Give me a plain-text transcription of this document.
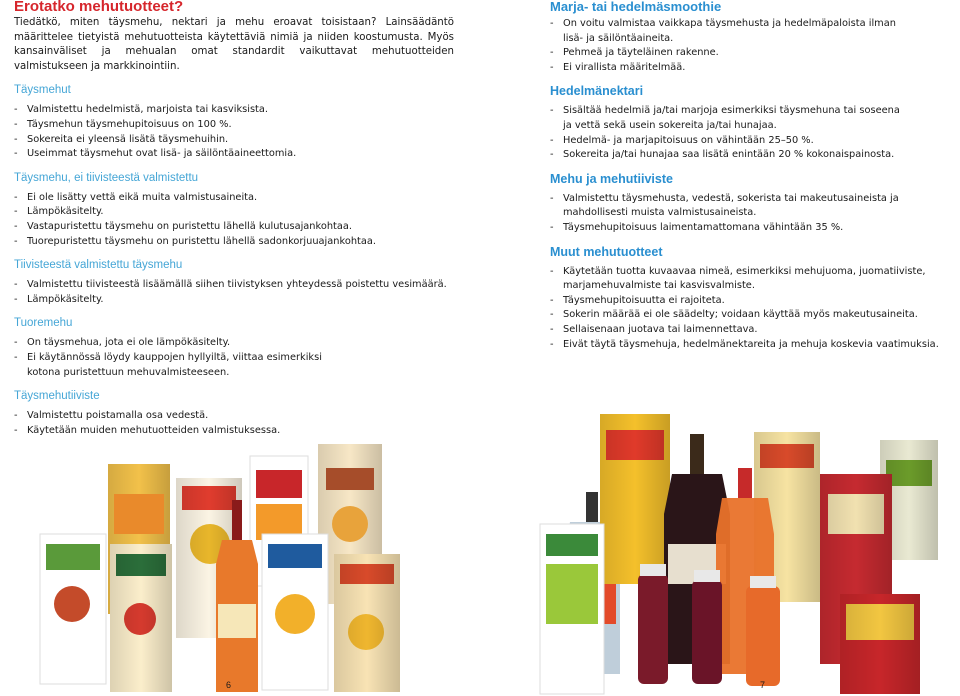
Erotatko mehutuotteet?

Tiedätkö, miten täysmehu, nektari ja mehu eroavat toisistaan? Lainsäädäntö määrittelee tietyistä mehutuotteista käytettäviä nimiä ja niiden koostumusta. Myös kansainväliset ja mehualan omat standardit vaikuttavat mehutuotteiden valmistukseen ja markkinointiin.

Täysmehut
- Valmistettu hedelmistä, marjoista tai kasviksista.
- Täysmehun täysmehupitoisuus on 100 %.
- Sokereita ei yleensä lisätä täysmehuihin.
- Useimmat täysmehut ovat lisä- ja säilöntäaineettomia.
Täysmehu, ei tiivisteestä valmistettu
- Ei ole lisätty vettä eikä muita valmistusaineita.
- Lämpökäsitelty.
- Vastapuristettu täysmehu on puristettu lähellä kulutusajankohtaa.
- Tuorepuristettu täysmehu on puristettu lähellä sadonkorjuuajankohtaa.
Tiivisteestä valmistettu täysmehu
- Valmistettu tiivisteestä lisäämällä siihen tiivistyksen yhteydessä poistettu vesimäärä.
- Lämpökäsitelty.
Tuoremehu
- On täysmehua, jota ei ole lämpökäsitelty.
- Ei käytännössä löydy kauppojen hyllyiltä, viittaa esimerkiksi kotona puristettuun mehuvalmisteeseen.
Täysmehutiiviste
- Valmistettu poistamalla osa vedestä.
- Käytetään muiden mehutuotteiden valmistuksessa.
Marja- tai hedelmäsmoothie
- On voitu valmistaa vaikkapa täysmehusta ja hedelmäpaloista ilman lisä- ja säilöntäaineita.
- Pehmeä ja täyteläinen rakenne.
- Ei virallista määritelmää.
Hedelmänektari
- Sisältää hedelmiä ja/tai marjoja esimerkiksi täysmehuna tai soseena ja vettä sekä usein sokereita ja/tai hunajaa.
- Hedelmä- ja marjapitoisuus on vähintään 25–50 %.
- Sokereita ja/tai hunajaa saa lisätä enintään 20 % kokonaispainosta.
Mehu ja mehutiiviste
- Valmistettu täysmehusta, vedestä, sokerista tai makeutusaineista ja mahdollisesti muista valmistusaineista.
- Täysmehupitoisuus laimentamattomana vähintään 35 %.
Muut mehutuotteet
- Käytetään tuotta kuvaavaa nimeä, esimerkiksi mehujuoma, juomatiiviste, marjamehuvalmiste tai kasvisvalmiste.
- Täysmehupitoisuutta ei rajoiteta.
- Sokerin määrää ei ole säädelty; voidaan käyttää myös makeutusaineita.
- Sellaisenaan juotava tai laimennettava.
- Eivät täytä täysmehuja, hedelmänektareita ja mehuja koskevia vaatimuksia.
6	7
